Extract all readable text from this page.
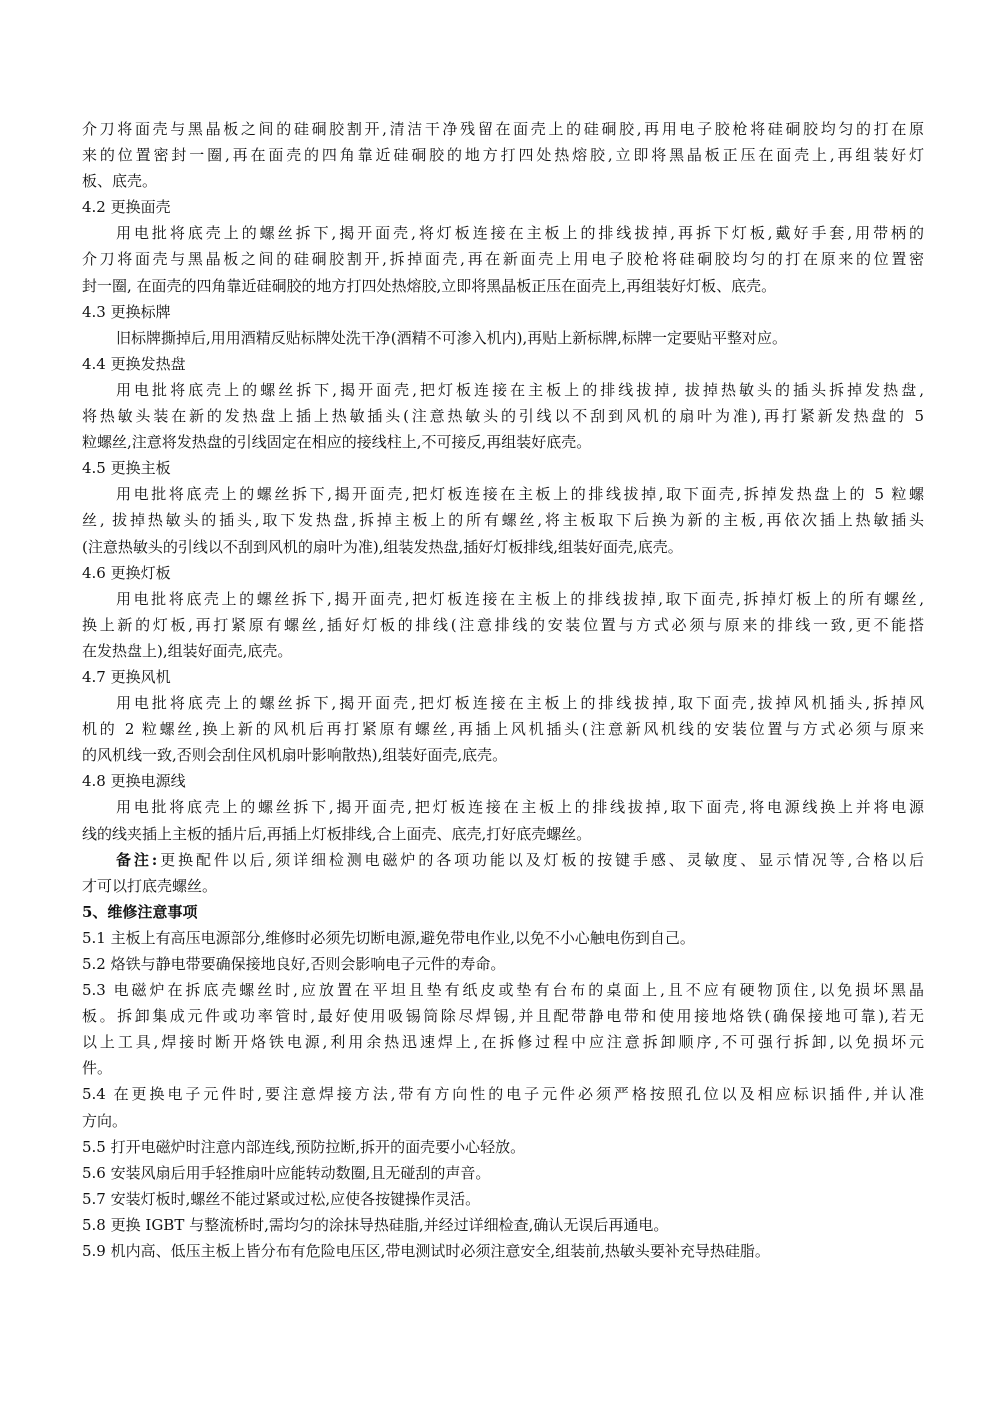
介刀将面壳与黑晶板之间的硅硐胶割开,清洁干净残留在面壳上的硅硐胶,再用电子胶枪将硅硐胶均匀的打在原
来的位置密封一圈,再在面壳的四角靠近硅硐胶的地方打四处热熔胶,立即将黑晶板正压在面壳上,再组装好灯
板、底壳。
4.2 更换面壳
用电批将底壳上的螺丝拆下,揭开面壳,将灯板连接在主板上的排线拔掉,再拆下灯板,戴好手套,用带柄的
介刀将面壳与黑晶板之间的硅硐胶割开,拆掉面壳,再在新面壳上用电子胶枪将硅硐胶均匀的打在原来的位置密
封一圈, 在面壳的四角靠近硅硐胶的地方打四处热熔胶,立即将黑晶板正压在面壳上,再组装好灯板、底壳。
4.3 更换标牌
旧标牌撕掉后,用用酒精反贴标牌处洗干净(酒精不可渗入机内),再贴上新标牌,标牌一定要贴平整对应。
4.4 更换发热盘
用电批将底壳上的螺丝拆下,揭开面壳,把灯板连接在主板上的排线拔掉, 拔掉热敏头的插头拆掉发热盘,
将热敏头装在新的发热盘上插上热敏插头(注意热敏头的引线以不刮到风机的扇叶为准),再打紧新发热盘的 5
粒螺丝,注意将发热盘的引线固定在相应的接线柱上,不可接反,再组装好底壳。
4.5 更换主板
用电批将底壳上的螺丝拆下,揭开面壳,把灯板连接在主板上的排线拔掉,取下面壳,拆掉发热盘上的 5 粒螺
丝, 拔掉热敏头的插头,取下发热盘,拆掉主板上的所有螺丝,将主板取下后换为新的主板,再依次插上热敏插头
(注意热敏头的引线以不刮到风机的扇叶为准),组装发热盘,插好灯板排线,组装好面壳,底壳。
4.6 更换灯板
用电批将底壳上的螺丝拆下,揭开面壳,把灯板连接在主板上的排线拔掉,取下面壳,拆掉灯板上的所有螺丝,
换上新的灯板,再打紧原有螺丝,插好灯板的排线(注意排线的安装位置与方式必须与原来的排线一致,更不能搭
在发热盘上),组装好面壳,底壳。
4.7 更换风机
用电批将底壳上的螺丝拆下,揭开面壳,把灯板连接在主板上的排线拔掉,取下面壳,拔掉风机插头,拆掉风
机的 2 粒螺丝,换上新的风机后再打紧原有螺丝,再插上风机插头(注意新风机线的安装位置与方式必须与原来
的风机线一致,否则会刮住风机扇叶影响散热),组装好面壳,底壳。
4.8 更换电源线
用电批将底壳上的螺丝拆下,揭开面壳,把灯板连接在主板上的排线拔掉,取下面壳,将电源线换上并将电源
线的线夹插上主板的插片后,再插上灯板排线,合上面壳、底壳,打好底壳螺丝。
备注:更换配件以后,须详细检测电磁炉的各项功能以及灯板的按键手感、灵敏度、显示情况等,合格以后
才可以打底壳螺丝。
5、维修注意事项
5.1 主板上有高压电源部分,维修时必须先切断电源,避免带电作业,以免不小心触电伤到自己。
5.2 烙铁与静电带要确保接地良好,否则会影响电子元件的寿命。
5.3 电磁炉在拆底壳螺丝时,应放置在平坦且垫有纸皮或垫有台布的桌面上,且不应有硬物顶住,以免损坏黑晶
板。拆卸集成元件或功率管时,最好使用吸锡筒除尽焊锡,并且配带静电带和使用接地烙铁(确保接地可靠),若无
以上工具,焊接时断开烙铁电源,利用余热迅速焊上,在拆修过程中应注意拆卸顺序,不可强行拆卸,以免损坏元
件。
5.4 在更换电子元件时,要注意焊接方法,带有方向性的电子元件必须严格按照孔位以及相应标识插件,并认准
方向。
5.5 打开电磁炉时注意内部连线,预防拉断,拆开的面壳要小心轻放。
5.6 安装风扇后用手轻推扇叶应能转动数圈,且无碰刮的声音。
5.7 安装灯板时,螺丝不能过紧或过松,应使各按键操作灵活。
5.8 更换 IGBT 与整流桥时,需均匀的涂抹导热硅脂,并经过详细检查,确认无误后再通电。
5.9 机内高、低压主板上皆分布有危险电压区,带电测试时必须注意安全,组装前,热敏头要补充导热硅脂。
